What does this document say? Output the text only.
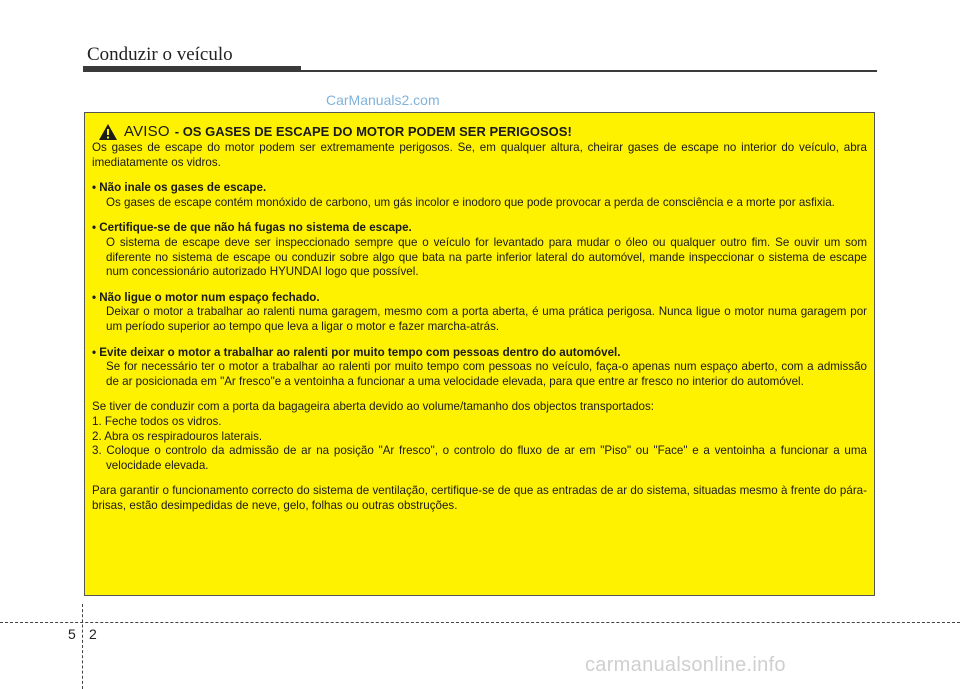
Conduzir o veículo
AVISO - OS GASES DE ESCAPE DO MOTOR PODEM SER PERIGOSOS!

Os gases de escape do motor podem ser extremamente perigosos. Se, em qualquer altura, cheirar gases de escape no interior do veículo, abra imediatamente os vidros.

• Não inale os gases de escape.

Os gases de escape contém monóxido de carbono, um gás incolor e inodoro que pode provocar a perda de consciência e a morte por asfixia.

• Certifique-se de que não há fugas no sistema de escape.

O sistema de escape deve ser inspeccionado sempre que o veículo for levantado para mudar o óleo ou qualquer outro fim. Se ouvir um som diferente no sistema de escape ou conduzir sobre algo que bata na parte inferior lateral do automóvel, mande inspeccionar o sistema de escape num concessionário autorizado HYUNDAI logo que possível.

• Não ligue o motor num espaço fechado.

Deixar o motor a trabalhar ao ralenti numa garagem, mesmo com a porta aberta, é uma prática perigosa. Nunca ligue o motor numa garagem por um período superior ao tempo que leva a ligar o motor e fazer marcha-atrás.

• Evite deixar o motor a trabalhar ao ralenti por muito tempo com pessoas dentro do automóvel.

Se for necessário ter o motor a trabalhar ao ralenti por muito tempo com pessoas no veículo, faça-o apenas num espaço aberto, com a admissão de ar posicionada em "Ar fresco"e a ventoinha a funcionar a uma velocidade elevada, para que entre ar fresco no interior do automóvel.

Se tiver de conduzir com a porta da bagageira aberta devido ao volume/tamanho dos objectos transportados:

1. Feche todos os vidros.

2. Abra os respiradouros laterais.

3. Coloque o controlo da admissão de ar na posição "Ar fresco", o controlo do fluxo de ar em "Piso" ou "Face" e a ventoinha a funcionar a uma velocidade elevada.

Para garantir o funcionamento correcto do sistema de ventilação, certifique-se de que as entradas de ar do sistema, situadas mesmo à frente do pára-brisas, estão desimpedidas de neve, gelo, folhas ou outras obstruções.

CarManuals2.com
5 2
carmanualsonline.info
